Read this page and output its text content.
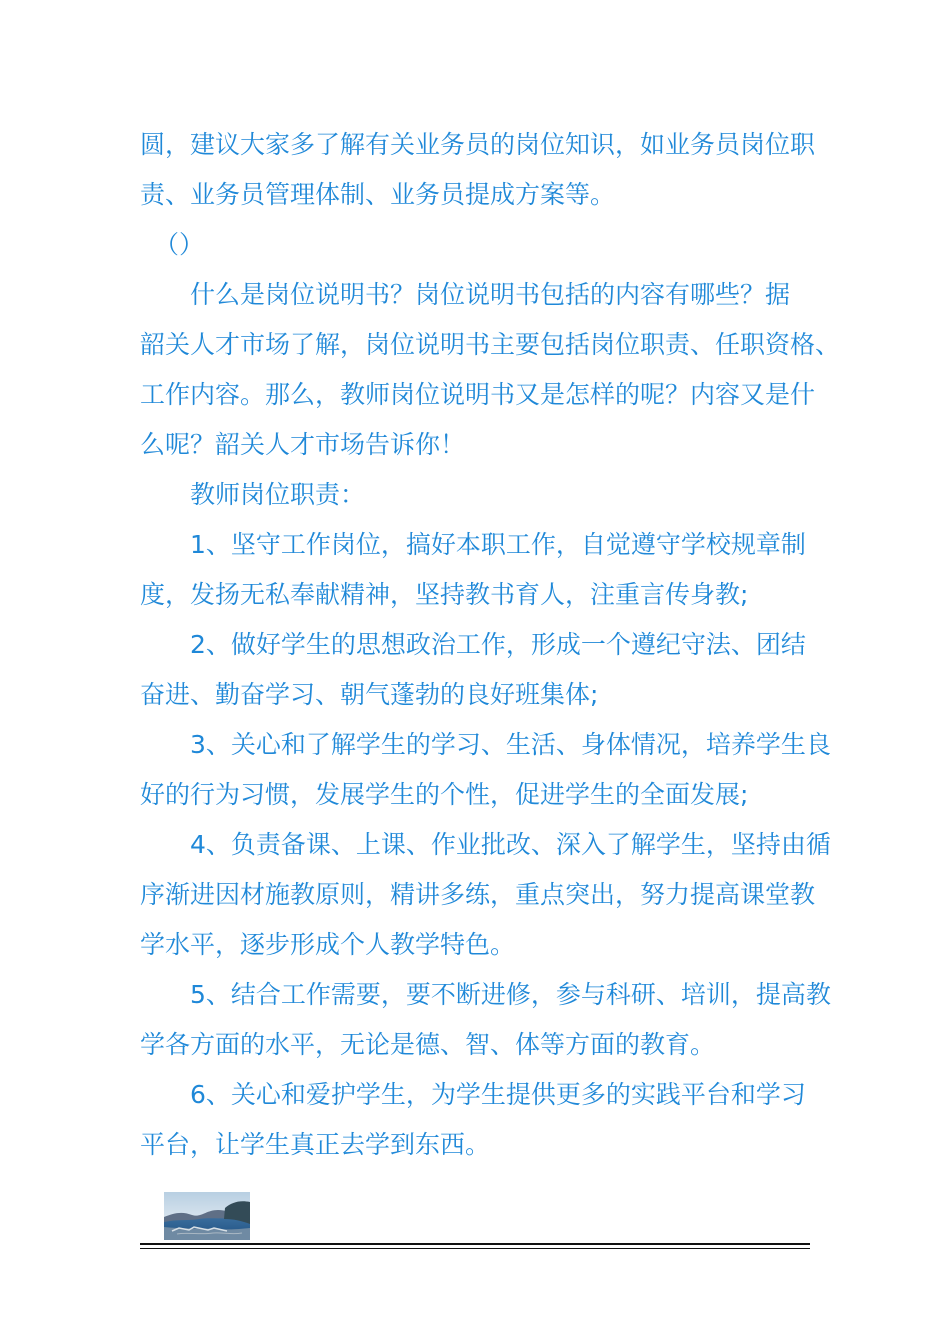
圆，建议大家多了解有关业务员的岗位知识，如业务员岗位职
责、业务员管理体制、业务员提成方案等。
（）
什么是岗位说明书？岗位说明书包括的内容有哪些？据
韶关人才市场了解，岗位说明书主要包括岗位职责、任职资格、
工作内容。那么，教师岗位说明书又是怎样的呢？内容又是什
么呢？韶关人才市场告诉你！
教师岗位职责：
1、坚守工作岗位，搞好本职工作，自觉遵守学校规章制
度，发扬无私奉献精神，坚持教书育人，注重言传身教;
2、做好学生的思想政治工作，形成一个遵纪守法、团结
奋进、勤奋学习、朝气蓬勃的良好班集体;
3、关心和了解学生的学习、生活、身体情况，培养学生良
好的行为习惯，发展学生的个性，促进学生的全面发展;
4、负责备课、上课、作业批改、深入了解学生，坚持由循
序渐进因材施教原则，精讲多练，重点突出，努力提高课堂教
学水平，逐步形成个人教学特色。
5、结合工作需要，要不断进修，参与科研、培训，提高教
学各方面的水平，无论是德、智、体等方面的教育。
6、关心和爱护学生，为学生提供更多的实践平台和学习
平台，让学生真正去学到东西。
